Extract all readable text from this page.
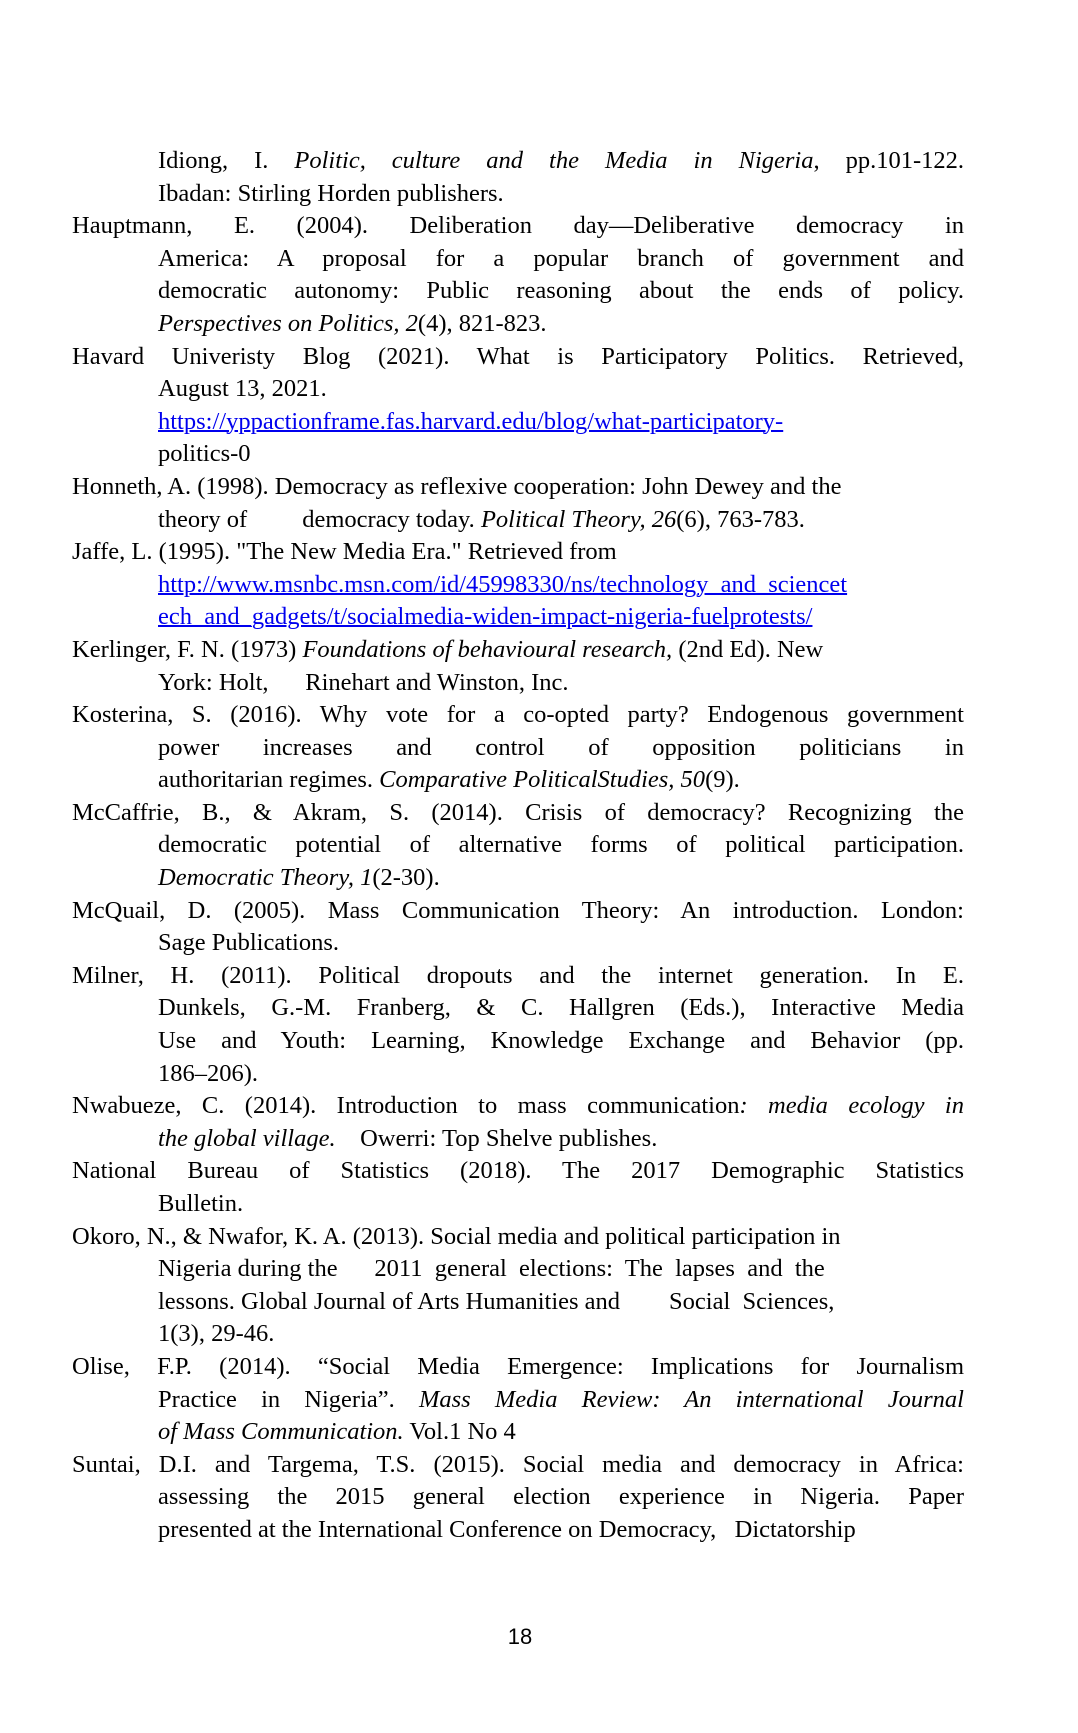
Idiong, I. Politic, culture and the Media in Nigeria, pp.101-122.
Ibadan: Stirling Horden publishers.
Hauptmann, E. (2004). Deliberation day—Deliberative democracy in
America: A proposal for a popular branch of government and
democratic autonomy: Public reasoning about the ends of policy.
Perspectives on Politics, 2(4), 821-823.
Havard Univeristy Blog (2021). What is Participatory Politics. Retrieved,
August 13, 2021.
https://yppactionframe.fas.harvard.edu/blog/what-participatory-
politics-0
Honneth, A. (1998). Democracy as reflexive cooperation: John Dewey and the
theory of         democracy today. Political Theory, 26(6), 763-783.
Jaffe, L. (1995). "The New Media Era." Retrieved from
http://www.msnbc.msn.com/id/45998330/ns/technology_and_sciencet
ech_and_gadgets/t/socialmedia-widen-impact-nigeria-fuelprotests/
Kerlinger, F. N. (1973) Foundations of behavioural research, (2nd Ed). New
York: Holt,      Rinehart and Winston, Inc.
Kosterina, S. (2016). Why vote for a co-opted party? Endogenous government
power increases and control of opposition politicians in
authoritarian regimes. Comparative PoliticalStudies, 50(9).
McCaffrie, B., & Akram, S. (2014). Crisis of democracy? Recognizing the
democratic potential of alternative forms of political participation.
Democratic Theory, 1(2-30).
McQuail, D. (2005). Mass Communication Theory: An introduction. London:
Sage Publications.
Milner, H. (2011). Political dropouts and the internet generation. In E.
Dunkels, G.-M. Franberg, & C. Hallgren (Eds.), Interactive Media
Use and Youth: Learning, Knowledge Exchange and Behavior (pp.
186–206).
Nwabueze, C. (2014). Introduction to mass communication: media ecology in
the global village.    Owerri: Top Shelve publishes.
National Bureau of Statistics (2018). The 2017 Demographic Statistics
Bulletin.
Okoro, N., & Nwafor, K. A. (2013). Social media and political participation in
Nigeria during the      2011  general  elections:  The  lapses  and  the
lessons. Global Journal of Arts Humanities and        Social  Sciences,
1(3), 29-46.
Olise, F.P. (2014). “Social Media Emergence: Implications for Journalism
Practice in Nigeria”. Mass Media Review: An international Journal
of Mass Communication. Vol.1 No 4
Suntai, D.I. and Targema, T.S. (2015). Social media and democracy in Africa:
assessing the 2015 general election experience in Nigeria. Paper
presented at the International Conference on Democracy,   Dictatorship
18
